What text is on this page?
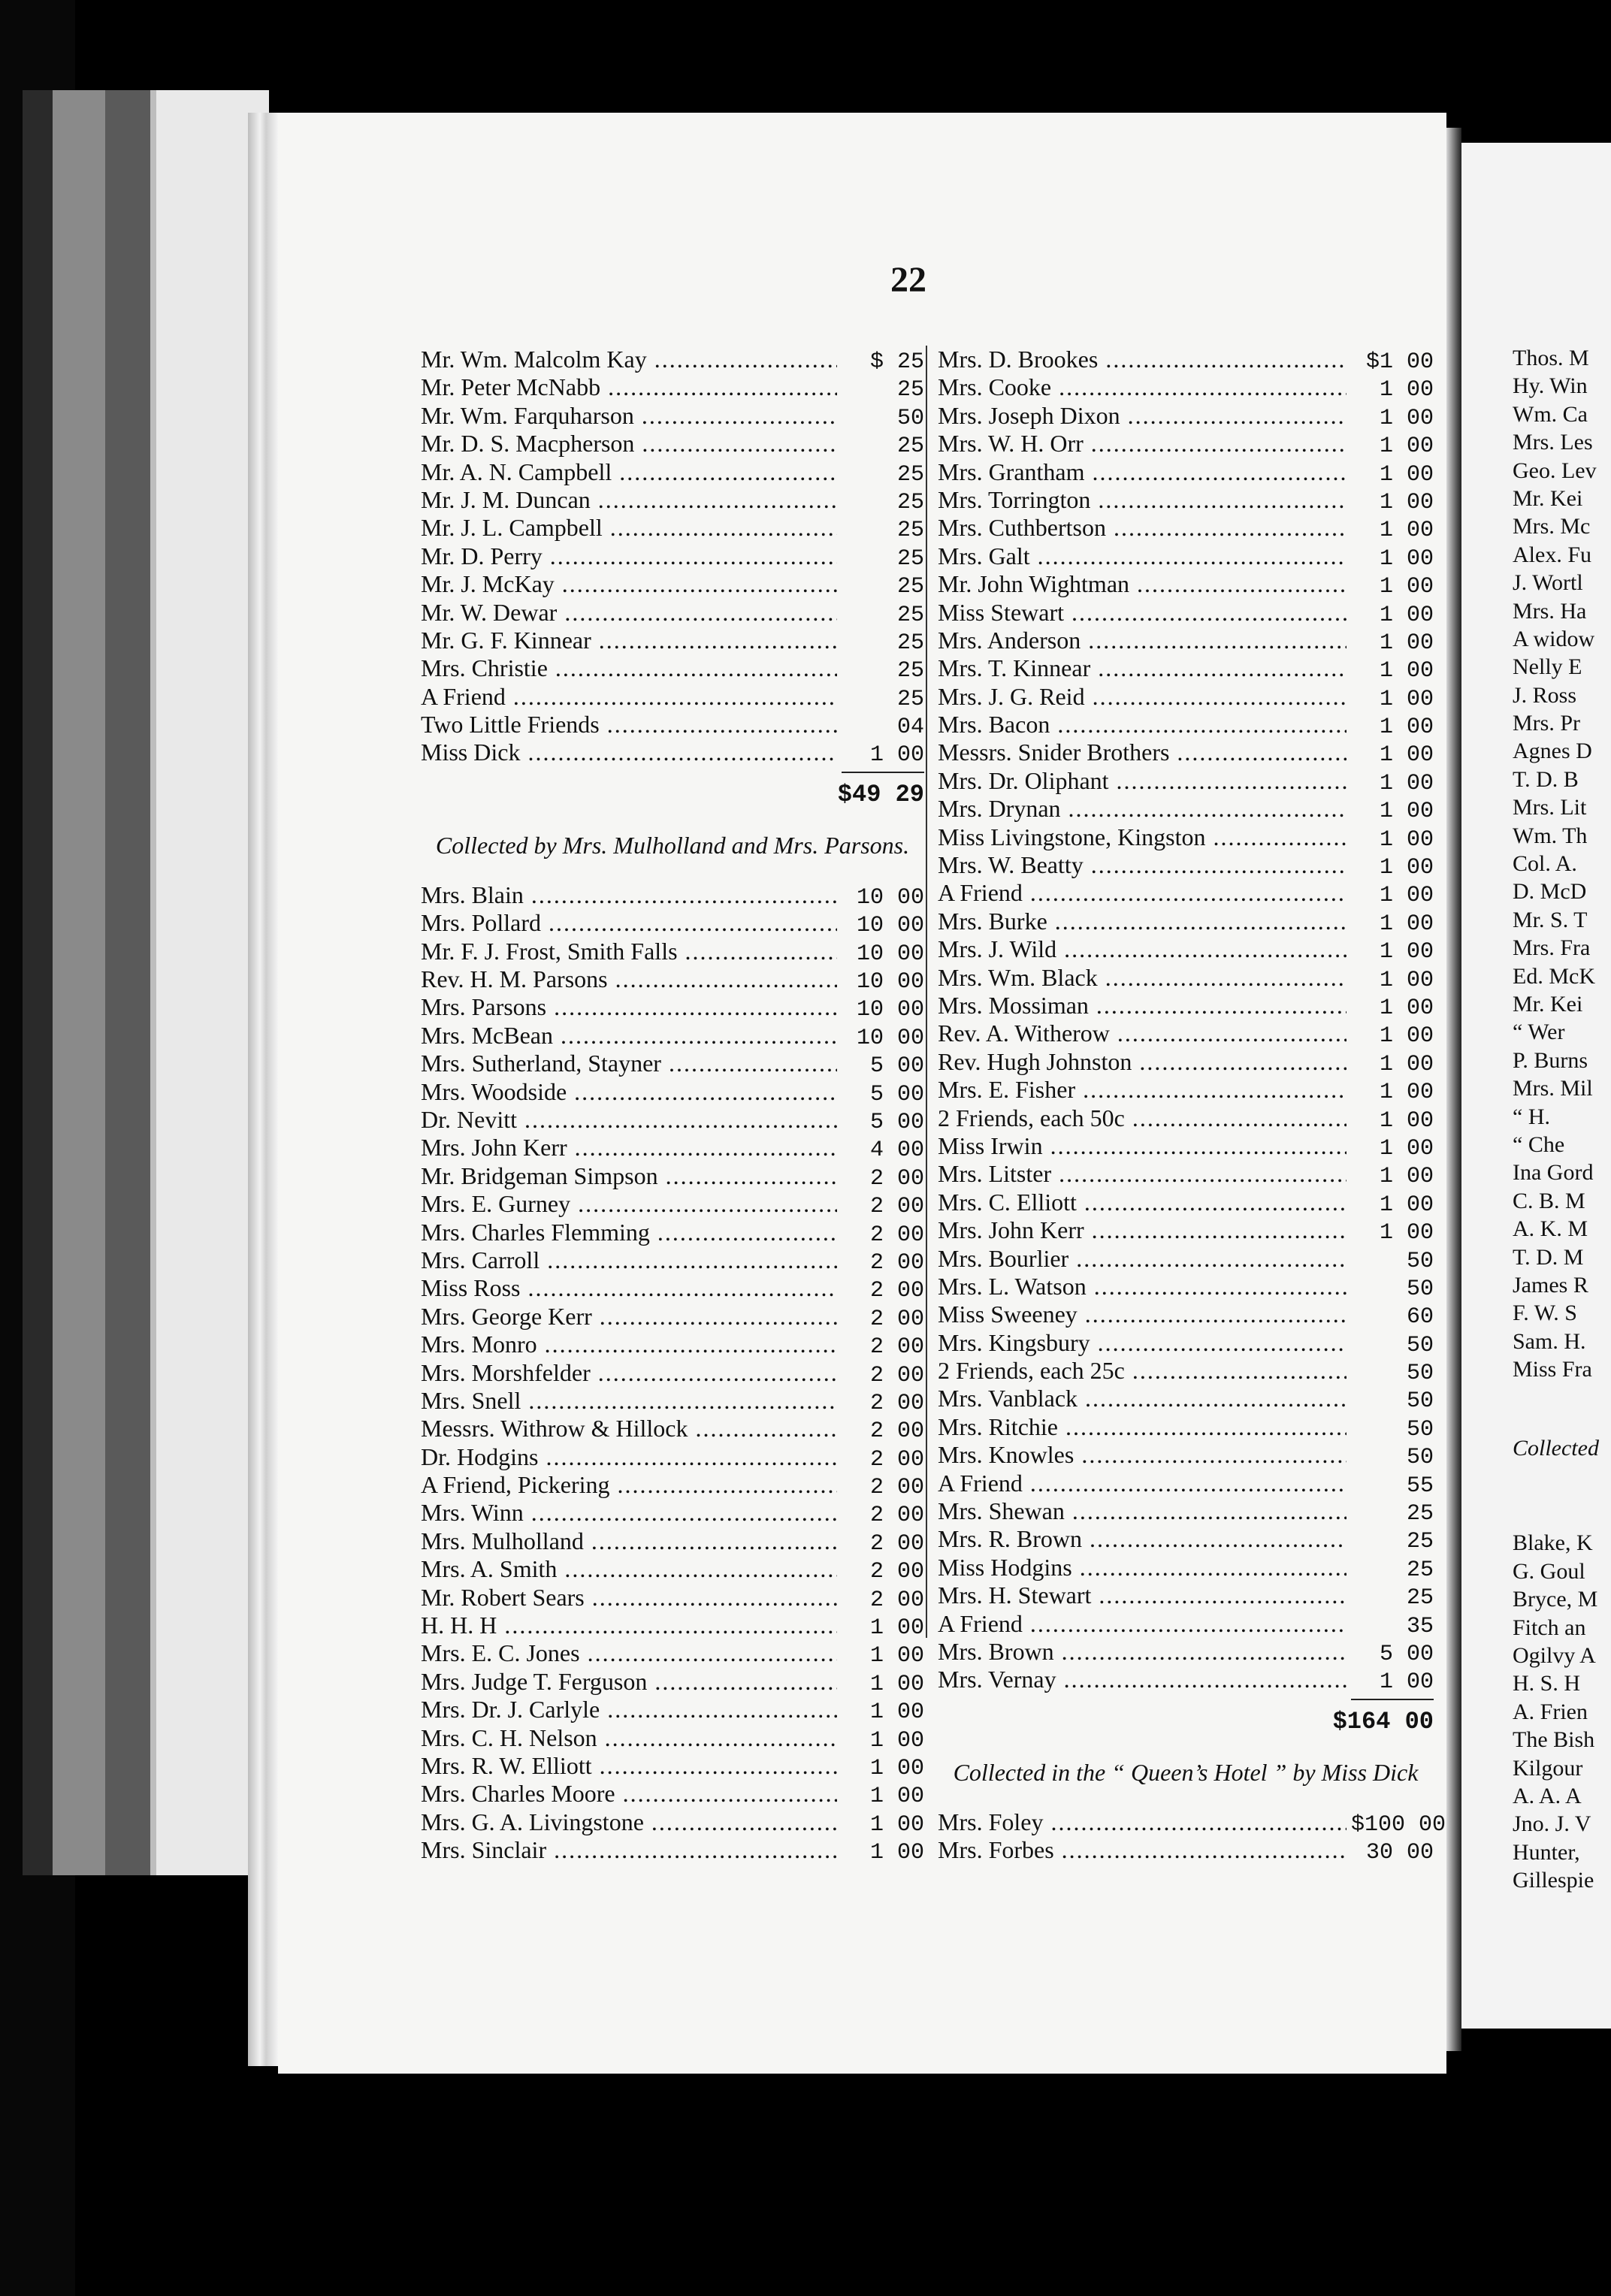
22
Mr. Wm. Malcolm Kay .....	$ 25
Mr. Peter McNabb .....	25
Mr. Wm. Farquharson .....	50
Mr. D. S. Macpherson .....	25
Mr. A. N. Campbell .....	25
Mr. J. M. Duncan .....	25
Mr. J. L. Campbell .....	25
Mr. D. Perry .....	25
Mr. J. McKay .....	25
Mr. W. Dewar .....	25
Mr. G. F. Kinnear .....	25
Mrs. Christie .....	25
A Friend .....	25
Two Little Friends .....	04
Miss Dick .....	1 00
$49 29
Collected by Mrs. Mulholland and Mrs. Parsons.
Mrs. Blain .....	10 00
Mrs. Pollard .....	10 00
Mr. F. J. Frost, Smith Falls .....	10 00
Rev. H. M. Parsons .....	10 00
Mrs. Parsons .....	10 00
Mrs. McBean .....	10 00
Mrs. Sutherland, Stayner .....	5 00
Mrs. Woodside .....	5 00
Dr. Nevitt .....	5 00
Mrs. John Kerr .....	4 00
Mr. Bridgeman Simpson .....	2 00
Mrs. E. Gurney .....	2 00
Mrs. Charles Flemming .....	2 00
Mrs. Carroll .....	2 00
Miss Ross .....	2 00
Mrs. George Kerr .....	2 00
Mrs. Monro .....	2 00
Mrs. Morshfelder .....	2 00
Mrs. Snell .....	2 00
Messrs. Withrow & Hillock .....	2 00
Dr. Hodgins .....	2 00
A Friend, Pickering .....	2 00
Mrs. Winn .....	2 00
Mrs. Mulholland .....	2 00
Mrs. A. Smith .....	2 00
Mr. Robert Sears .....	2 00
H. H. H .....	1 00
Mrs. E. C. Jones .....	1 00
Mrs. Judge T. Ferguson .....	1 00
Mrs. Dr. J. Carlyle .....	1 00
Mrs. C. H. Nelson .....	1 00
Mrs. R. W. Elliott .....	1 00
Mrs. Charles Moore .....	1 00
Mrs. G. A. Livingstone .....	1 00
Mrs. Sinclair .....	1 00
Mrs. D. Brookes .....	$1 00
Mrs. Cooke .....	1 00
Mrs. Joseph Dixon .....	1 00
Mrs. W. H. Orr .....	1 00
Mrs. Grantham .....	1 00
Mrs. Torrington .....	1 00
Mrs. Cuthbertson .....	1 00
Mrs. Galt .....	1 00
Mr. John Wightman .....	1 00
Miss Stewart .....	1 00
Mrs. Anderson .....	1 00
Mrs. T. Kinnear .....	1 00
Mrs. J. G. Reid .....	1 00
Mrs. Bacon .....	1 00
Messrs. Snider Brothers .....	1 00
Mrs. Dr. Oliphant .....	1 00
Mrs. Drynan .....	1 00
Miss Livingstone, Kingston .....	1 00
Mrs. W. Beatty .....	1 00
A Friend .....	1 00
Mrs. Burke .....	1 00
Mrs. J. Wild .....	1 00
Mrs. Wm. Black .....	1 00
Mrs. Mossiman .....	1 00
Rev. A. Witherow .....	1 00
Rev. Hugh Johnston .....	1 00
Mrs. E. Fisher .....	1 00
2 Friends, each 50c .....	1 00
Miss Irwin .....	1 00
Mrs. Litster .....	1 00
Mrs. C. Elliott .....	1 00
Mrs. John Kerr .....	1 00
Mrs. Bourlier .....	50
Mrs. L. Watson .....	50
Miss Sweeney .....	60
Mrs. Kingsbury .....	50
2 Friends, each 25c .....	50
Mrs. Vanblack .....	50
Mrs. Ritchie .....	50
Mrs. Knowles .....	50
A Friend .....	55
Mrs. Shewan .....	25
Mrs. R. Brown .....	25
Miss Hodgins .....	25
Mrs. H. Stewart .....	25
A Friend .....	35
Mrs. Brown .....	5 00
Mrs. Vernay .....	1 00
$164 00
Collected in the “ Queen’s Hotel ” by Miss Dick
Mrs. Foley .....	$100 00
Mrs. Forbes .....	30 00
Thos. M
Hy. Win
Wm. Ca
Mrs. Les
Geo. Lev
Mr. Kei
Mrs. Mc
Alex. Fu
J. Wortl
Mrs. Ha
A widow
Nelly E
J. Ross
Mrs. Pr
Agnes D
T. D. B
Mrs. Lit
Wm. Th
Col. A.
D. McD
Mr. S. T
Mrs. Fra
Ed. McK
Mr. Kei
“ Wer
P. Burns
Mrs. Mil
“ H.
“ Che
Ina Gord
C. B. M
A. K. M
T. D. M
James R
F. W. S
Sam. H.
Miss Fra
Collected
Blake, K
G. Goul
Bryce, M
Fitch an
Ogilvy A
H. S. H
A. Frien
The Bish
Kilgour
A. A. A
Jno. J. V
Hunter,
Gillespie
